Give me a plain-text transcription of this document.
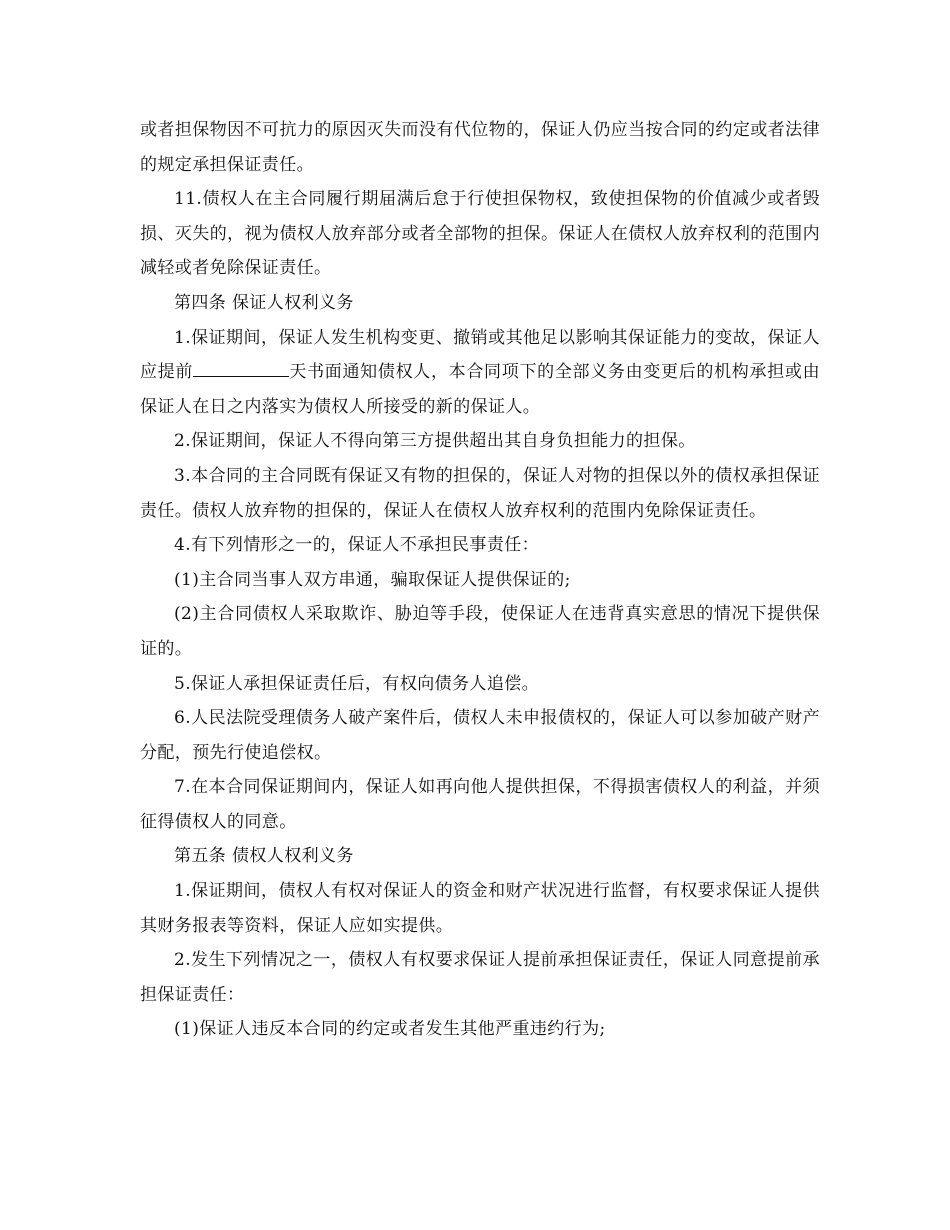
或者担保物因不可抗力的原因灭失而没有代位物的，保证人仍应当按合同的约定或者法律的规定承担保证责任。

11.债权人在主合同履行期届满后怠于行使担保物权，致使担保物的价值减少或者毁损、灭失的，视为债权人放弃部分或者全部物的担保。保证人在债权人放弃权利的范围内减轻或者免除保证责任。

第四条 保证人权利义务

1.保证期间，保证人发生机构变更、撤销或其他足以影响其保证能力的变故，保证人应提前	天书面通知债权人，本合同项下的全部义务由变更后的机构承担或由保证人在日之内落实为债权人所接受的新的保证人。

2.保证期间，保证人不得向第三方提供超出其自身负担能力的担保。

3.本合同的主合同既有保证又有物的担保的，保证人对物的担保以外的债权承担保证责任。债权人放弃物的担保的，保证人在债权人放弃权利的范围内免除保证责任。

4.有下列情形之一的，保证人不承担民事责任：

(1)主合同当事人双方串通，骗取保证人提供保证的;

(2)主合同债权人采取欺诈、胁迫等手段，使保证人在违背真实意思的情况下提供保证的。

5.保证人承担保证责任后，有权向债务人追偿。

6.人民法院受理债务人破产案件后，债权人未申报债权的，保证人可以参加破产财产分配，预先行使追偿权。

7.在本合同保证期间内，保证人如再向他人提供担保，不得损害债权人的利益，并须征得债权人的同意。

第五条 债权人权利义务

1.保证期间，债权人有权对保证人的资金和财产状况进行监督，有权要求保证人提供其财务报表等资料，保证人应如实提供。

2.发生下列情况之一，债权人有权要求保证人提前承担保证责任，保证人同意提前承担保证责任：

(1)保证人违反本合同的约定或者发生其他严重违约行为;
